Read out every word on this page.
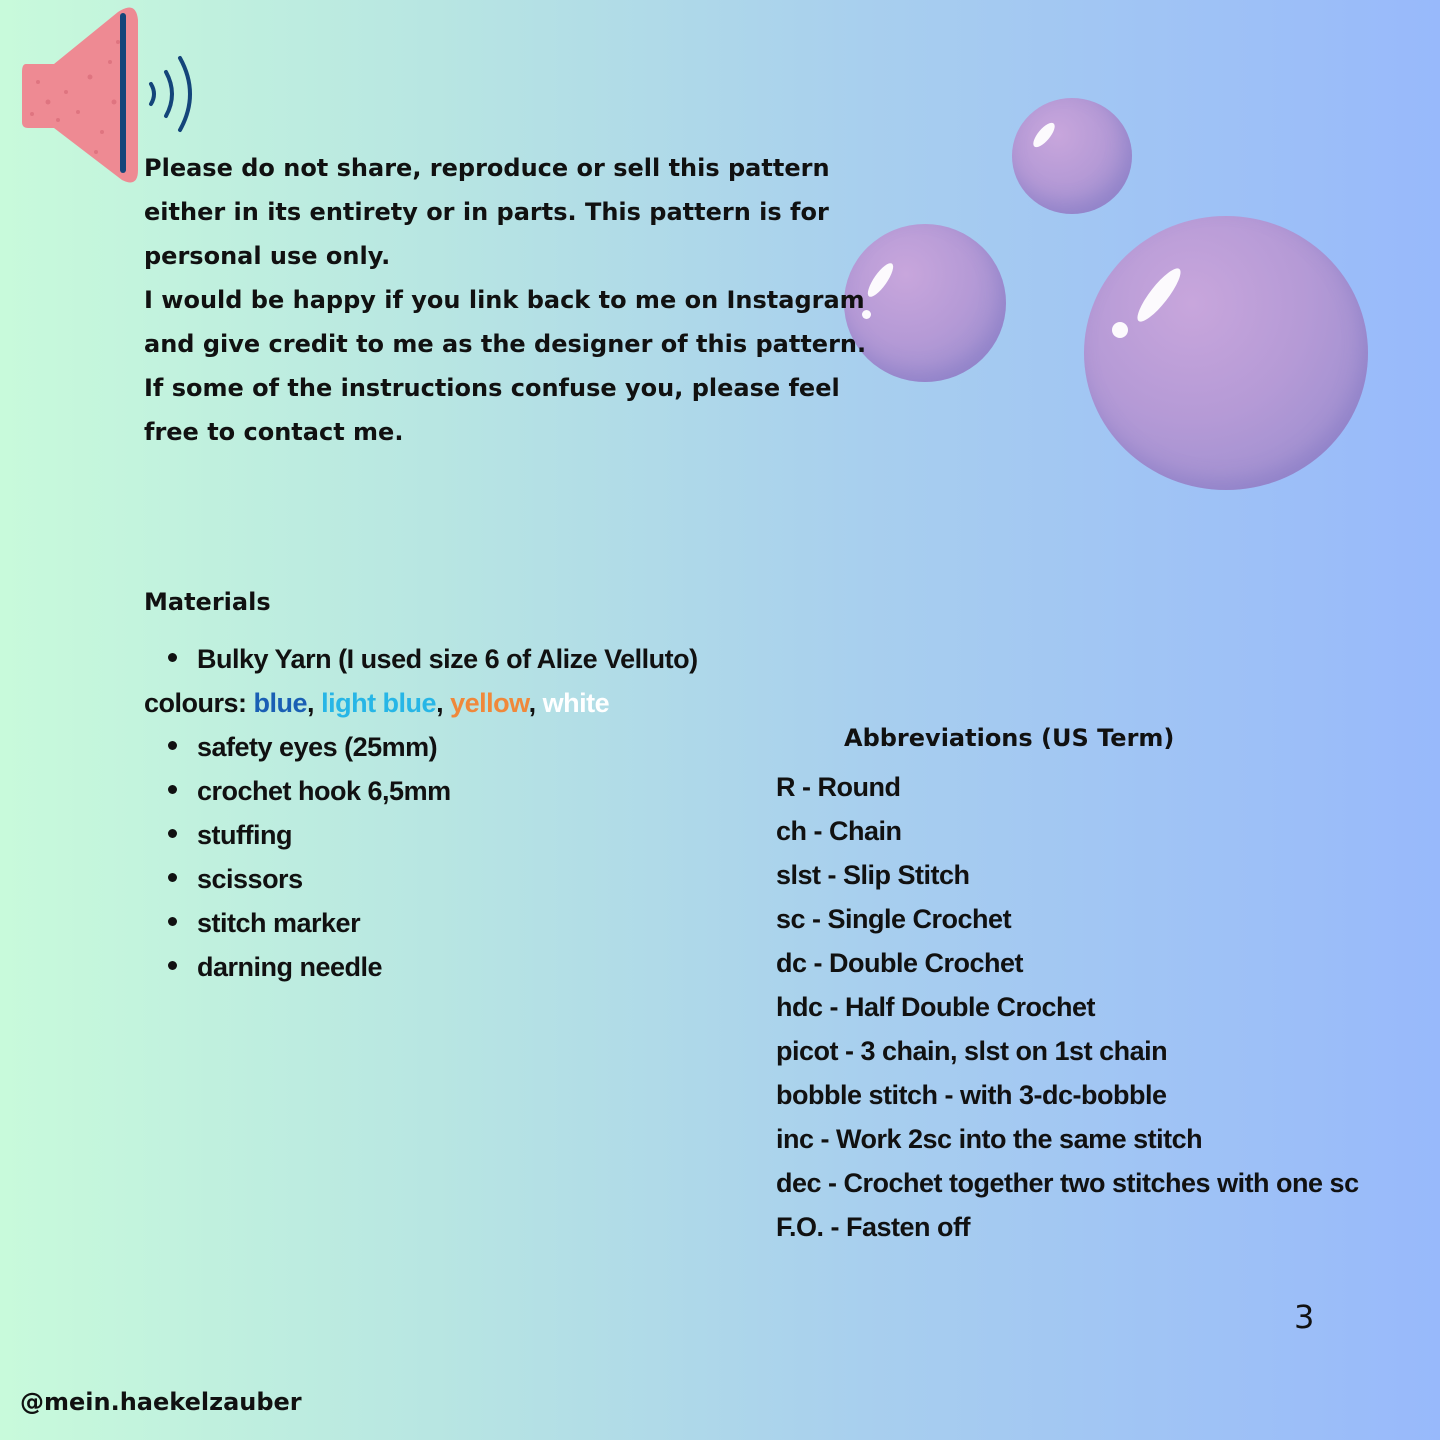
Please do not share, reproduce or sell this pattern either in its entirety or in parts. This pattern is for personal use only.

I would be happy if you link back to me on Instagram and give credit to me as the designer of this pattern. If some of the instructions confuse you, please feel free to contact me.

Materials
Bulky Yarn (I used size 6 of Alize Velluto)
colours: blue, light blue, yellow, white
safety eyes (25mm)
crochet hook 6,5mm
stuffing
scissors
stitch marker
darning needle
Abbreviations (US Term)
R - Round
ch - Chain
slst - Slip Stitch
sc - Single Crochet
dc - Double Crochet
hdc - Half Double Crochet
picot - 3 chain, slst on 1st chain
bobble stitch - with 3-dc-bobble
inc - Work 2sc into the same stitch
dec - Crochet together two stitches with one sc
F.O. - Fasten off
3
@mein.haekelzauber
